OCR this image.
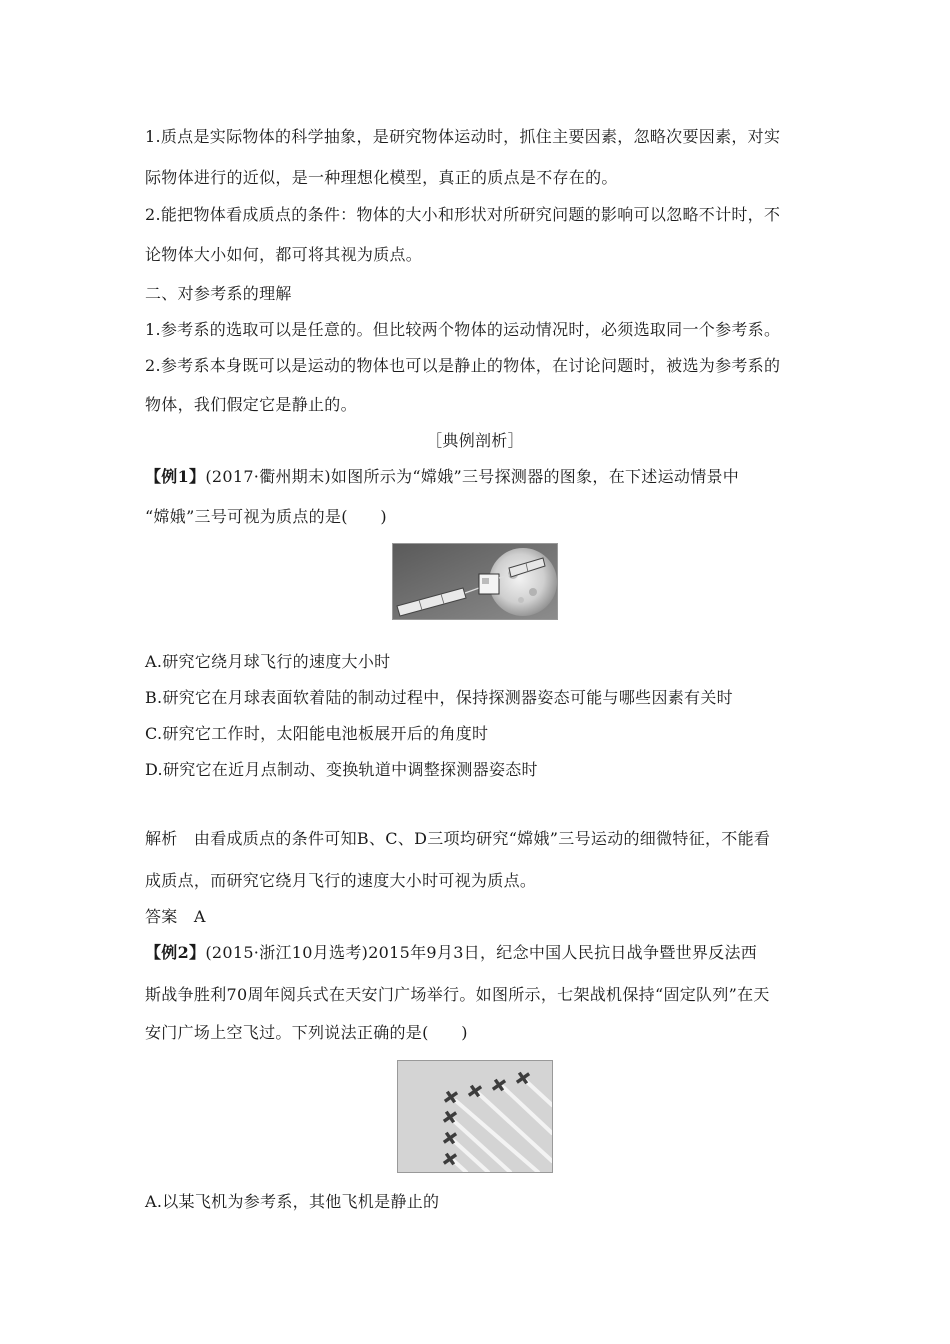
1.质点是实际物体的科学抽象，是研究物体运动时，抓住主要因素，忽略次要因素，对实
际物体进行的近似，是一种理想化模型，真正的质点是不存在的。
2.能把物体看成质点的条件：物体的大小和形状对所研究问题的影响可以忽略不计时，不
论物体大小如何，都可将其视为质点。
二、对参考系的理解
1.参考系的选取可以是任意的。但比较两个物体的运动情况时，必须选取同一个参考系。
2.参考系本身既可以是运动的物体也可以是静止的物体，在讨论问题时，被选为参考系的
物体，我们假定它是静止的。
［典例剖析］
【例1】(2017·衢州期末)如图所示为“嫦娥”三号探测器的图象，在下述运动情景中
“嫦娥”三号可视为质点的是(　　)
A.研究它绕月球飞行的速度大小时
B.研究它在月球表面软着陆的制动过程中，保持探测器姿态可能与哪些因素有关时
C.研究它工作时，太阳能电池板展开后的角度时
D.研究它在近月点制动、变换轨道中调整探测器姿态时
解析　由看成质点的条件可知B、C、D三项均研究“嫦娥”三号运动的细微特征，不能看
成质点，而研究它绕月飞行的速度大小时可视为质点。
答案　A
【例2】(2015·浙江10月选考)2015年9月3日，纪念中国人民抗日战争暨世界反法西
斯战争胜利70周年阅兵式在天安门广场举行。如图所示，七架战机保持“固定队列”在天
安门广场上空飞过。下列说法正确的是(　　)
A.以某飞机为参考系，其他飞机是静止的
